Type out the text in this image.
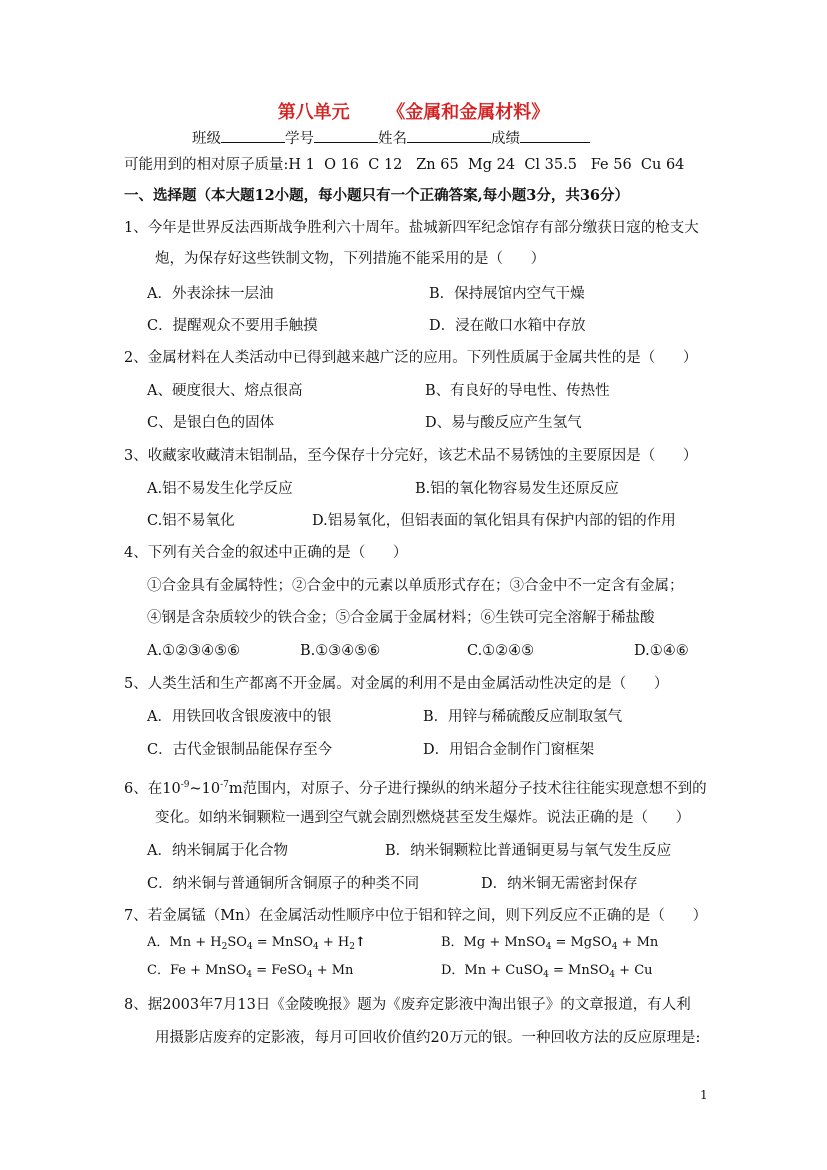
第八单元 《金属和金属材料》
班级	学号	姓名	成绩
可能用到的相对原子质量:H 1  O 16  C 12   Zn 65  Mg 24  Cl 35.5   Fe 56  Cu 64
一、选择题（本大题12小题，每小题只有一个正确答案,每小题3分，共36分）
1、今年是世界反法西斯战争胜利六十周年。盐城新四军纪念馆存有部分缴获日寇的枪支大
炮，为保存好这些铁制文物，下列措施不能采用的是（      ）
A．外表涂抹一层油	B．保持展馆内空气干燥
C．提醒观众不要用手触摸	D．浸在敞口水箱中存放
2、金属材料在人类活动中已得到越来越广泛的应用。下列性质属于金属共性的是（      ）
A、硬度很大、熔点很高	B、有良好的导电性、传热性
C、是银白色的固体	D、易与酸反应产生氢气
3、收藏家收藏清末铝制品，至今保存十分完好，该艺术品不易锈蚀的主要原因是（      ）
A.铝不易发生化学反应	B.铝的氧化物容易发生还原反应
C.铝不易氧化	D.铝易氧化，但铝表面的氧化铝具有保护内部的铝的作用
4、下列有关合金的叙述中正确的是（      ）
①合金具有金属特性；②合金中的元素以单质形式存在；③合金中不一定含有金属；
④钢是含杂质较少的铁合金；⑤合金属于金属材料；⑥生铁可完全溶解于稀盐酸
A.①②③④⑤⑥	B.①③④⑤⑥	C.①②④⑤	D.①④⑥
5、人类生活和生产都离不开金属。对金属的利用不是由金属活动性决定的是（      ）
A．用铁回收含银废液中的银	B．用锌与稀硫酸反应制取氢气
C．古代金银制品能保存至今	D．用铝合金制作门窗框架
6、在$10^{-9}\sim 10^{-7}m$范围内，对原子、分子进行操纵的纳米超分子技术往往能实现意想不到的
变化。如纳米铜颗粒一遇到空气就会剧烈燃烧甚至发生爆炸。说法正确的是（      ）
A．纳米铜属于化合物	B．纳米铜颗粒比普通铜更易与氧气发生反应
C．纳米铜与普通铜所含铜原子的种类不同	D．纳米铜无需密封保存
7、若金属锰（Mn）在金属活动性顺序中位于铝和锌之间，则下列反应不正确的是（      ）
A．$Mn + H_2SO_4$ = MnSO$_4$ + $H_2↑$	B．Mg + MnSO$_4$ = MgSO$_4$ + Mn
C．Fe + MnSO$_4$ = FeSO$_4$ + Mn	D．Mn + CuSO$_4$ = MnSO$_4$ + Cu
8、据2003年7月13日《金陵晚报》题为《废弃定影液中淘出银子》的文章报道，有人利
用摄影店废弃的定影液，每月可回收价值约20万元的银。一种回收方法的反应原理是:
1
